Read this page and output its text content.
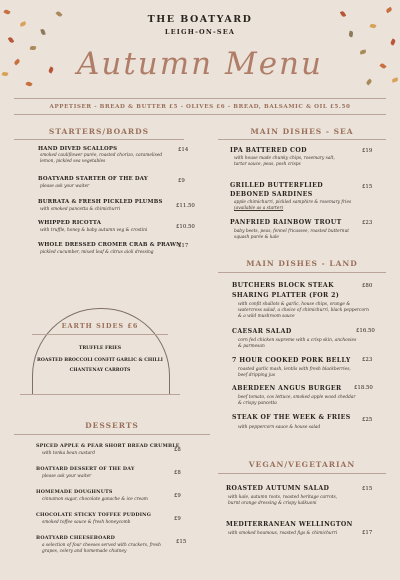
THE BOATYARD
LEIGH-ON-SEA
Autumn Menu
APPETISER - BREAD & BUTTER £5 - OLIVES £6 - BREAD, BALSAMIC & OIL £5.50
STARTERS/BOARDS
HAND DIVED SCALLOPS
smoked cauliflower purée, roasted chorizo, caramelised
lemon, pickled sea vegetables
£14
BOATYARD STARTER OF THE DAY
please ask your waiter
£9
BURRATA & FRESH PICKLED PLUMBS
with smoked pancetta & chimichurri
£11.50
WHIPPED RICOTTA
with truffle, honey & baby autumn veg & crostini
£10.50
WHOLE DRESSED CROMER CRAB & PRAWN
pickled cucumber, mixed leaf & citrus aioli dressing
£17
EARTH SIDES £6
TRUFFLE FRIES
ROASTED BROCCOLI CONFIT GARLIC & CHILLI
CHANTENAY CARROTS
DESSERTS
SPICED APPLE & PEAR SHORT BREAD CRUMBLE
with tonka bean custard
£8
BOATYARD DESSERT OF THE DAY
please ask your waiter
£8
HOMEMADE DOUGHNUTS
cinnamon sugar, chocolate ganache & ice cream
£9
CHOCOLATE STICKY TOFFEE PUDDING
smoked toffee sauce & fresh honeycomb
£9
BOATYARD CHEESEBOARD
a selection of four cheeses served with crackers, fresh
grapes, celery and homemade chutney
£15
MAIN DISHES - SEA
IPA BATTERED COD
with house made chunky chips, rosemary salt,
tartar sauce, peas, posh crisps
£19
GRILLED BUTTERFLIED
DEBONED SARDINES
apple chimichurri, pickled samphire & rosemary fries
(available as a starter)
£15
PANFRIED RAINBOW TROUT
baby beets, peas, fennel fricassee, roasted butternut
squash purée & kale
£23
MAIN DISHES - LAND
BUTCHERS BLOCK STEAK
SHARING PLATTER (FOR 2)
with confit shallots & garlic, house chips, orange &
watercress salad, a choice of chimichurri, black peppercorn
& a wild mushroom sauce
£80
CAESAR SALAD
corn fed chicken supreme with a crisp skin, anchovies
& parmesan
£16.50
7 HOUR COOKED PORK BELLY
roasted garlic mash, lentils with fresh blackberries,
beef dripping jus
£23
ABERDEEN ANGUS BURGER
beef tomato, cos lettuce, smoked apple wood cheddar
& crispy pancetta
£18.50
STEAK OF THE WEEK & FRIES
with peppercorn sauce & house salad
£25
VEGAN/VEGETARIAN
ROASTED AUTUMN SALAD
with kale, autumn roots, roasted heritage carrots,
burnt orange dressing & crispy kalkuoni
£15
MEDITERRANEAN WELLINGTON
with smoked houmous, roasted figs & chimichurri	£17
